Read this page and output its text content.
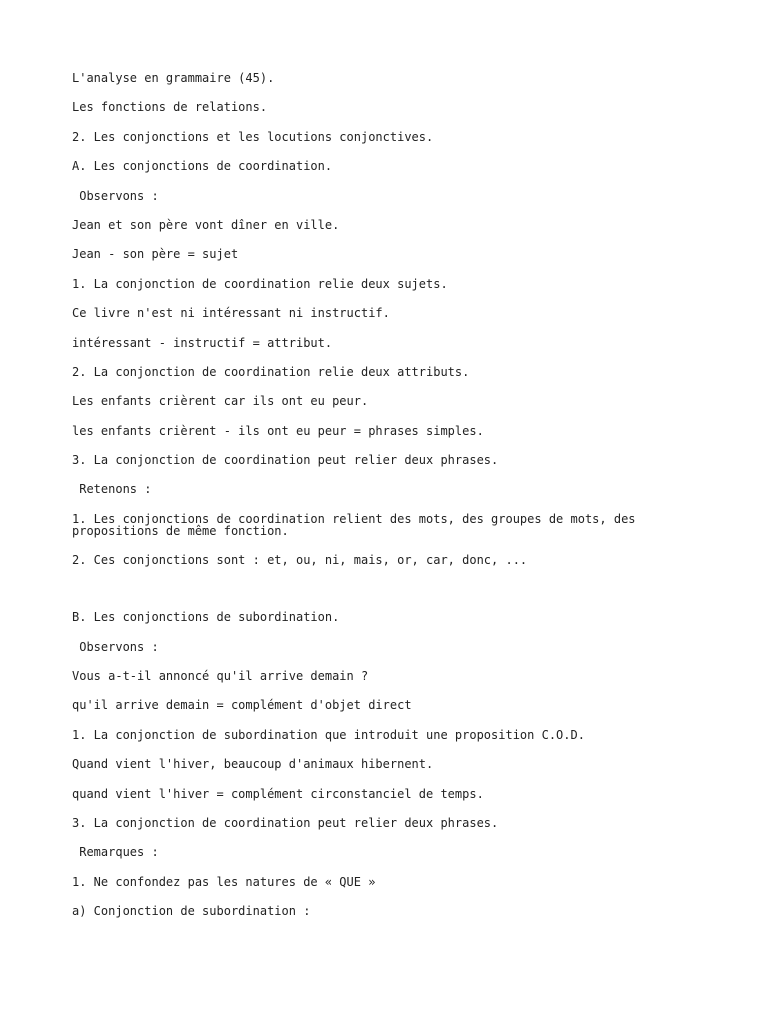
L'analyse en grammaire (45).

Les fonctions de relations.

2. Les conjonctions et les locutions conjonctives.

A. Les conjonctions de coordination.

Observons :

Jean et son père vont dîner en ville.

Jean - son père = sujet

1. La conjonction de coordination relie deux sujets.

Ce livre n'est ni intéressant ni instructif.

intéressant - instructif = attribut.

2. La conjonction de coordination relie deux attributs.

Les enfants crièrent car ils ont eu peur.

les enfants crièrent - ils ont eu peur = phrases simples.

3. La conjonction de coordination peut relier deux phrases.

Retenons :

1. Les conjonctions de coordination relient des mots, des groupes de mots, des propositions de même fonction.

2. Ces conjonctions sont : et, ou, ni, mais, or, car, donc, ...

B. Les conjonctions de subordination.

Observons :

Vous a-t-il annoncé qu'il arrive demain ?

qu'il arrive demain = complément d'objet direct

1. La conjonction de subordination que introduit une proposition C.O.D.

Quand vient l'hiver, beaucoup d'animaux hibernent.

quand vient l'hiver = complément circonstanciel de temps.

3. La conjonction de coordination peut relier deux phrases.

Remarques :

1. Ne confondez pas les natures de « QUE »

a) Conjonction de subordination :
